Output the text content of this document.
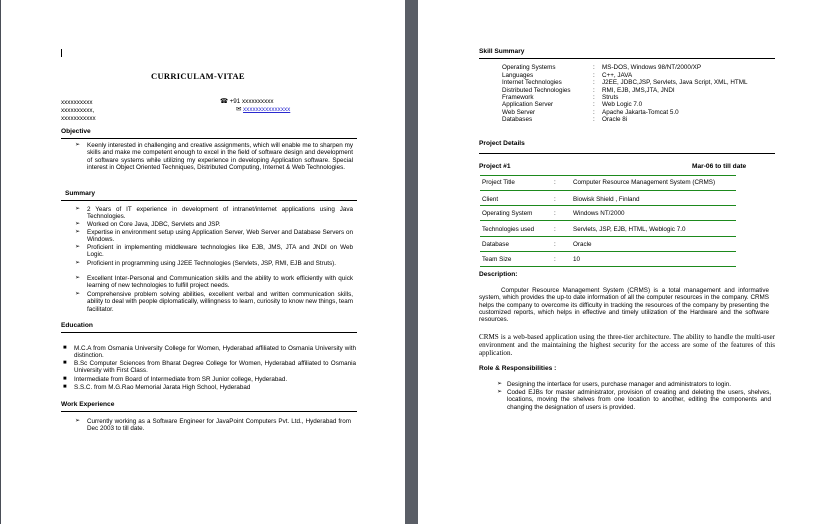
CURRICULAM-VITAE
xxxxxxxxxx
xxxxxxxxxx,
xxxxxxxxxxx
☎ +91 xxxxxxxxxx
✉ xxxxxxxxxxxxxxx
Objective
➢ Keenly interested in challenging and creative assignments, which will enable me to sharpen my skills and make me competent enough to excel in the field of software design and development of software systems while utilizing my experience in developing Application software. Special interest in Object Oriented Techniques, Distributed Computing, Internet & Web Technologies.
Summary
➢ 2 Years of IT experience in development of intranet/internet applications using Java Technologies.
➢ Worked on Core Java, JDBC, Servlets and JSP.
➢ Expertise in environment setup using Application Server, Web Server and Database Servers on Windows.
➢ Proficient in implementing middleware technologies like EJB, JMS, JTA and JNDI on Web Logic.
➢ Proficient in programming using J2EE Technologies (Servlets, JSP, RMI, EJB and Struts).
➢ Excellent Inter-Personal and Communication skills and the ability to work efficiently with quick learning of new technologies to fulfill project needs.
➢ Comprehensive problem solving abilities, excellent verbal and written communication skills, ability to deal with people diplomatically, willingness to learn, curiosity to know new things, team facilitator.
Education
■ M.C.A from Osmania University College for Women, Hyderabad affiliated to Osmania University with distinction.
■ B.Sc Computer Sciences from Bharat Degree College for Women, Hyderabad affiliated to Osmania University with First Class.
■ Intermediate from Board of Intermediate from SR Junior college, Hyderabad.
■ S.S.C. from M.G.Rao Memorial Jarata High School, Hyderabad
Work Experience
➢ Currently working as a Software Engineer for JavaPoint Computers Pvt. Ltd., Hyderabad from Dec 2003 to till date.
Skill Summary
Operating Systems	: MS-DOS, Windows 98/NT/2000/XP
Languages	: C++, JAVA
Internet Technologies	: J2EE, JDBC,JSP, Servlets, Java Script, XML, HTML
Distributed Technologies	: RMI, EJB, JMS,JTA, JNDI
Framework	: Struts
Application Server	: Web Logic 7.0
Web Server	: Apache Jakarta-Tomcat 5.0
Databases	: Oracle 8i
Project Details
Project #1	Mar-06 to till date
Project Title	:	Computer Resource Management System (CRMS)
Client	:	Biowisk Shield , Finland
Operating System	:	Windows NT/2000
Technologies used	:	Servlets, JSP, EJB, HTML, Weblogic 7.0
Database	:	Oracle
Team Size	:	10
Description:
Computer Resource Management System (CRMS) is a total management and informative system, which provides the up-to date information of all the computer resources in the company. CRMS helps the company to overcome its difficulty in tracking the resources of the company by presenting the customized reports, which helps in effective and timely utilization of the Hardware and the software resources.
CRMS is a web-based application using the three-tier architecture. The ability to handle the multi-user environment and the maintaining the highest security for the access are some of the features of this application.
Role & Responsibilities :
➢ Designing the interface for users, purchase manager and administrators to login.
➢ Coded EJBs for master administrator, provision of creating and deleting the users, shelves, locations, moving the shelves from one location to another, editing the components and changing the designation of users is provided.
